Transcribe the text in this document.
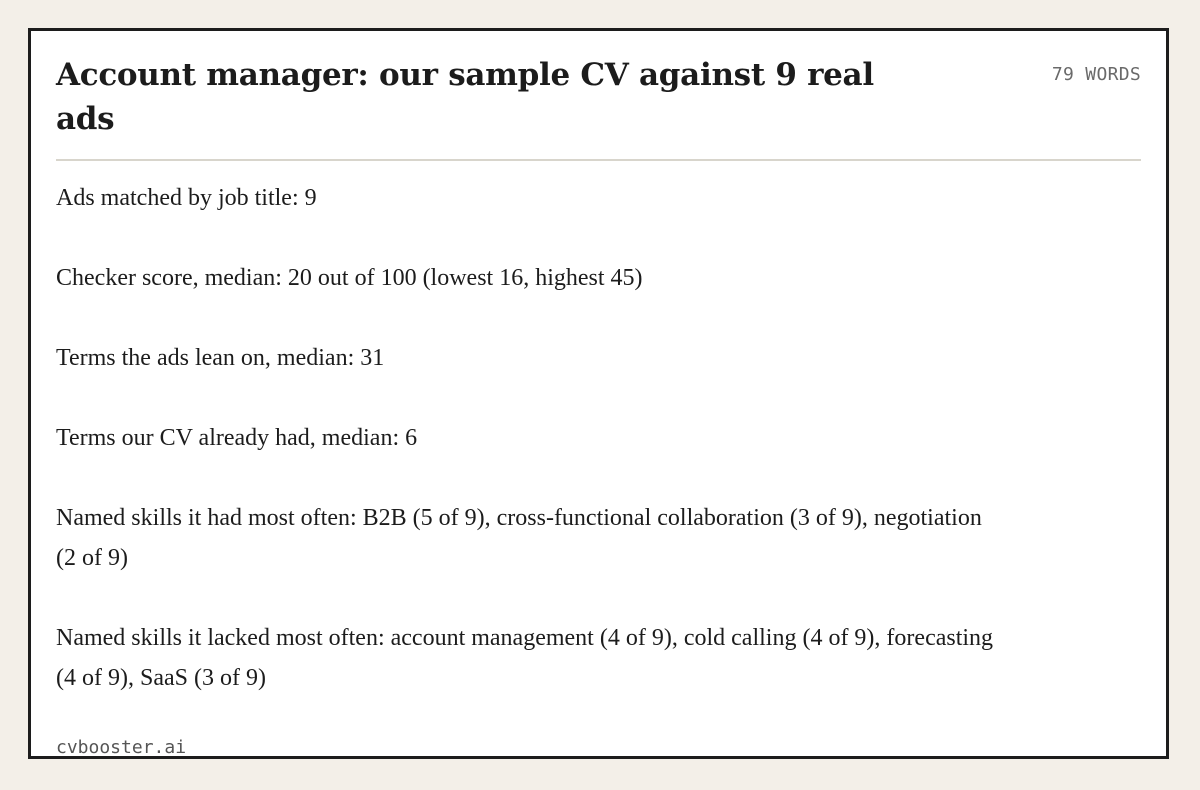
Account manager: our sample CV against 9 real ads
79 WORDS
Ads matched by job title: 9
Checker score, median: 20 out of 100 (lowest 16, highest 45)
Terms the ads lean on, median: 31
Terms our CV already had, median: 6
Named skills it had most often: B2B (5 of 9), cross-functional collaboration (3 of 9), negotiation (2 of 9)
Named skills it lacked most often: account management (4 of 9), cold calling (4 of 9), forecasting (4 of 9), SaaS (3 of 9)
cvbooster.ai
